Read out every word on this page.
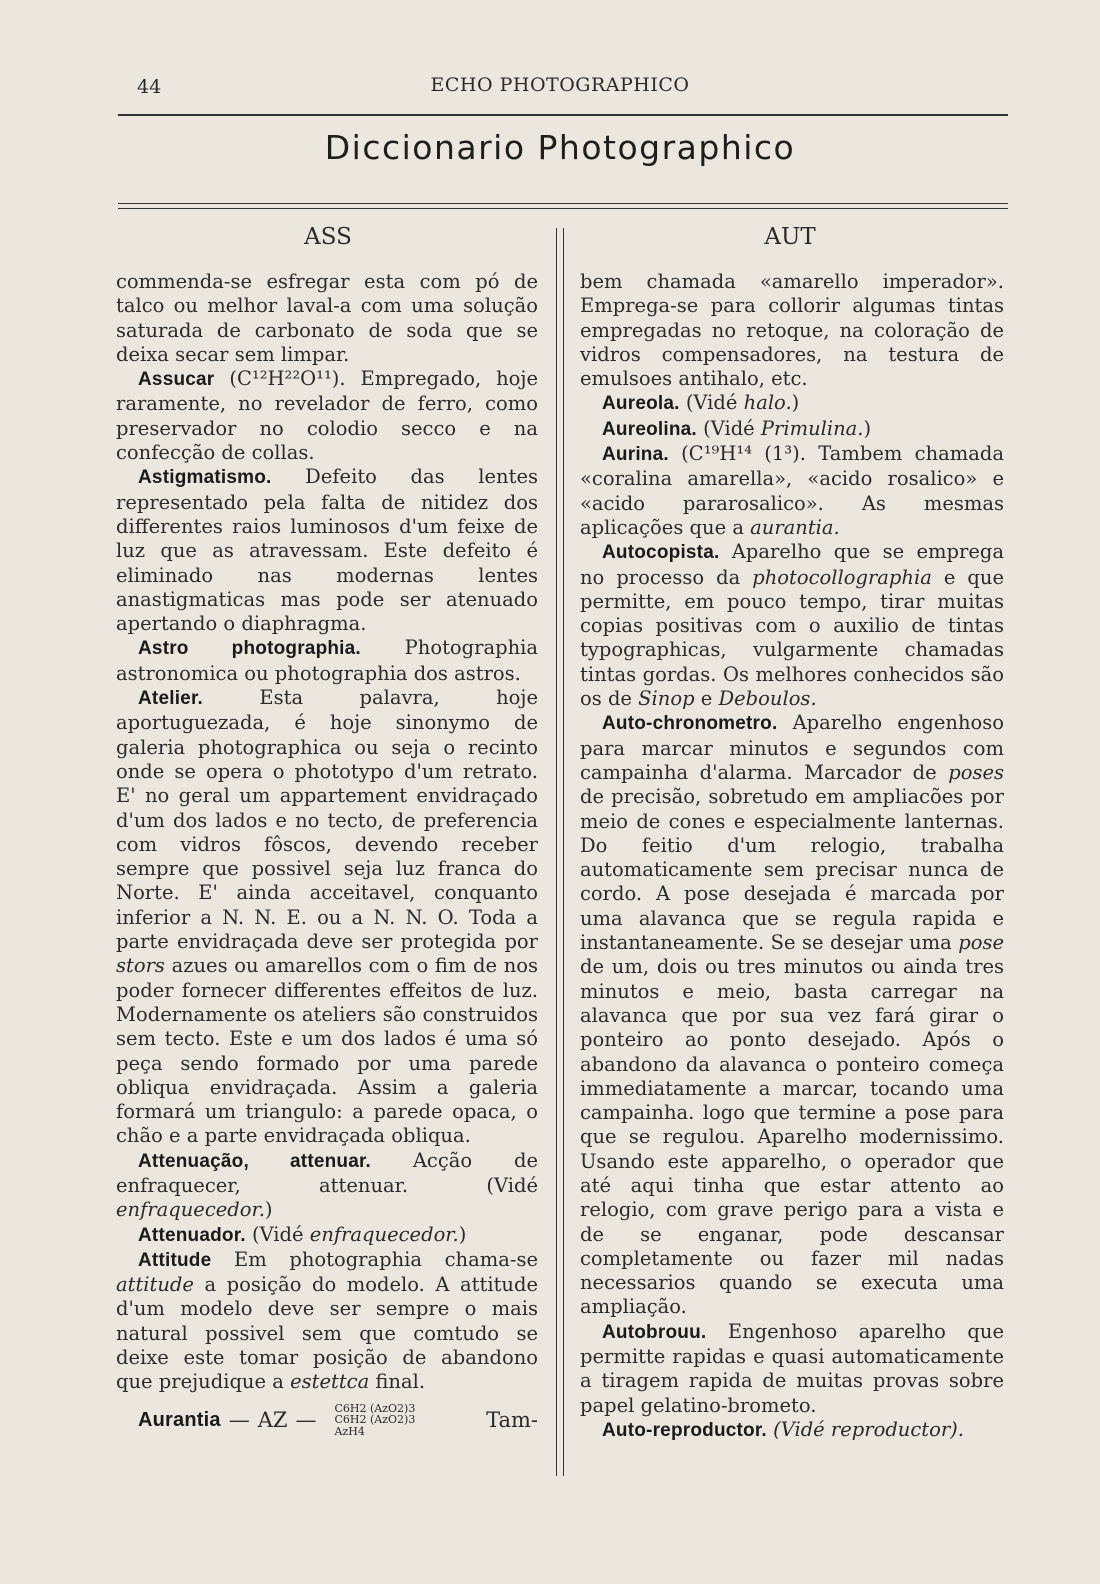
44	ECHO PHOTOGRAPHICO
Diccionario Photographico
ASS	AUT

commenda-se esfregar esta com pó de talco ou melhor laval-a com uma solução saturada de carbonato de soda que se deixa secar sem limpar.

Assucar (C¹²H²²O¹¹). Empregado, hoje raramente, no revelador de ferro, como preservador no colodio secco e na confecção de collas.

Astigmatismo. Defeito das lentes representado pela falta de nitidez dos differentes raios luminosos d'um feixe de luz que as atravessam. Este defeito é eliminado nas modernas lentes anastigmaticas mas pode ser atenuado apertando o diaphragma.

Astro photographia. Photographia astronomica ou photographia dos astros.

Atelier. Esta palavra, hoje aportuguezada, é hoje sinonymo de galeria photographica ou seja o recinto onde se opera o phototypo d'um retrato. E' no geral um appartement envidraçado d'um dos lados e no tecto, de preferencia com vidros fôscos, devendo receber sempre que possivel seja luz franca do Norte. E' ainda acceitavel, conquanto inferior a N. N. E. ou a N. N. O. Toda a parte envidraçada deve ser protegida por stors azues ou amarellos com o fim de nos poder fornecer differentes effeitos de luz. Modernamente os ateliers são construidos sem tecto. Este e um dos lados é uma só peça sendo formado por uma parede obliqua envidraçada. Assim a galeria formará um triangulo: a parede opaca, o chão e a parte envidraçada obliqua.

Attenuação, attenuar. Acção de enfraquecer, attenuar. (Vidé enfraquecedor.)

Attenuador. (Vidé enfraquecedor.)

Attitude Em photographia chama-se attitude a posição do modelo. A attitude d'um modelo deve ser sempre o mais natural possivel sem que comtudo se deixe este tomar posição de abandono que prejudique a estettca final.

Aurantia — AZ — C6H2 (AzO2)3
C6H2 (AzO2)3
AzH4	Tam-

bem chamada «amarello imperador». Emprega-se para collorir algumas tintas empregadas no retoque, na coloração de vidros compensadores, na testura de emulsoes antihalo, etc.

Aureola. (Vidé halo.)

Aureolina. (Vidé Primulina.)

Aurina. (C¹⁹H¹⁴ (1³). Tambem chamada «coralina amarella», «acido rosalico» e «acido pararosalico». As mesmas aplicações que a aurantia.

Autocopista. Aparelho que se emprega no processo da photocollographia e que permitte, em pouco tempo, tirar muitas copias positivas com o auxilio de tintas typographicas, vulgarmente chamadas tintas gordas. Os melhores conhecidos são os de Sinop e Deboulos.

Auto-chronometro. Aparelho engenhoso para marcar minutos e segundos com campainha d'alarma. Marcador de poses de precisão, sobretudo em ampliacões por meio de cones e especialmente lanternas. Do feitio d'um relogio, trabalha automaticamente sem precisar nunca de cordo. A pose desejada é marcada por uma alavanca que se regula rapida e instantaneamente. Se se desejar uma pose de um, dois ou tres minutos ou ainda tres minutos e meio, basta carregar na alavanca que por sua vez fará girar o ponteiro ao ponto desejado. Após o abandono da alavanca o ponteiro começa immediatamente a marcar, tocando uma campainha. logo que termine a pose para que se regulou. Aparelho modernissimo. Usando este apparelho, o operador que até aqui tinha que estar attento ao relogio, com grave perigo para a vista e de se enganar, pode descansar completamente ou fazer mil nadas necessarios quando se executa uma ampliação.

Autobrouu. Engenhoso aparelho que permitte rapidas e quasi automaticamente a tiragem rapida de muitas provas sobre papel gelatino-brometo.

Auto-reproductor. (Vidé reproductor).
